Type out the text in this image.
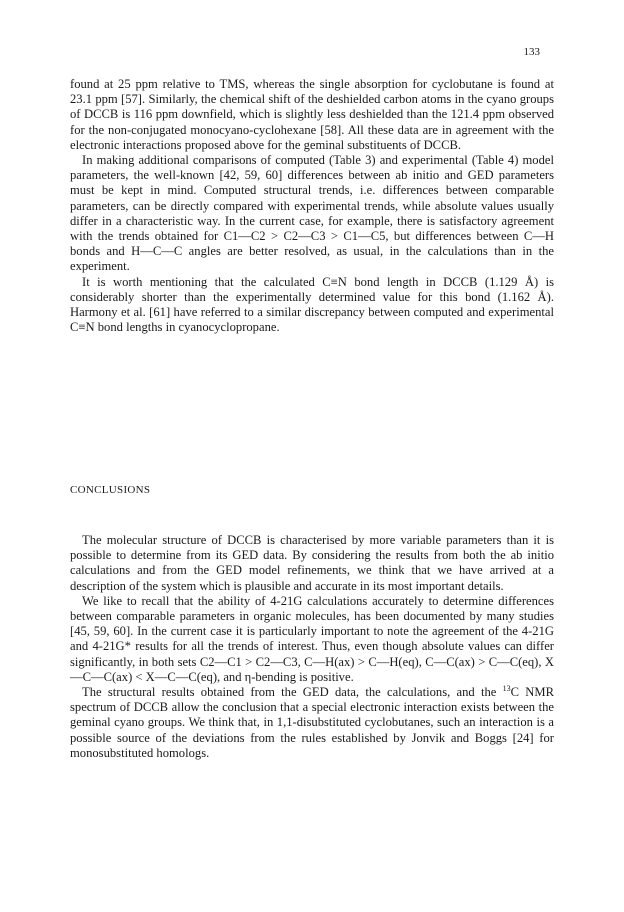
133

found at 25 ppm relative to TMS, whereas the single absorption for cyclobutane is found at 23.1 ppm [57]. Similarly, the chemical shift of the deshielded carbon atoms in the cyano groups of DCCB is 116 ppm downfield, which is slightly less deshielded than the 121.4 ppm observed for the non-conjugated monocyano-cyclohexane [58]. All these data are in agreement with the electronic interactions proposed above for the geminal substituents of DCCB.

In making additional comparisons of computed (Table 3) and experimental (Table 4) model parameters, the well-known [42, 59, 60] differences between ab initio and GED parameters must be kept in mind. Computed structural trends, i.e. differences between comparable parameters, can be directly compared with experimental trends, while absolute values usually differ in a characteristic way. In the current case, for example, there is satisfactory agreement with the trends obtained for C1—C2 > C2—C3 > C1—C5, but differences between C—H bonds and H—C—C angles are better resolved, as usual, in the calculations than in the experiment.

It is worth mentioning that the calculated C≡N bond length in DCCB (1.129 Å) is considerably shorter than the experimentally determined value for this bond (1.162 Å). Harmony et al. [61] have referred to a similar discrepancy between computed and experimental C≡N bond lengths in cyanocyclopropane.

CONCLUSIONS

The molecular structure of DCCB is characterised by more variable parameters than it is possible to determine from its GED data. By considering the results from both the ab initio calculations and from the GED model refinements, we think that we have arrived at a description of the system which is plausible and accurate in its most important details.

We like to recall that the ability of 4-21G calculations accurately to determine differences between comparable parameters in organic molecules, has been documented by many studies [45, 59, 60]. In the current case it is particularly important to note the agreement of the 4-21G and 4-21G* results for all the trends of interest. Thus, even though absolute values can differ significantly, in both sets C2—C1 > C2—C3, C—H(ax) > C—H(eq), C—C(ax) > C—C(eq), X—C—C(ax) < X—C—C(eq), and η-bending is positive.

The structural results obtained from the GED data, the calculations, and the $^{13}$C NMR spectrum of DCCB allow the conclusion that a special electronic interaction exists between the geminal cyano groups. We think that, in 1,1-disubstituted cyclobutanes, such an interaction is a possible source of the deviations from the rules established by Jonvik and Boggs [24] for monosubstituted homologs.
